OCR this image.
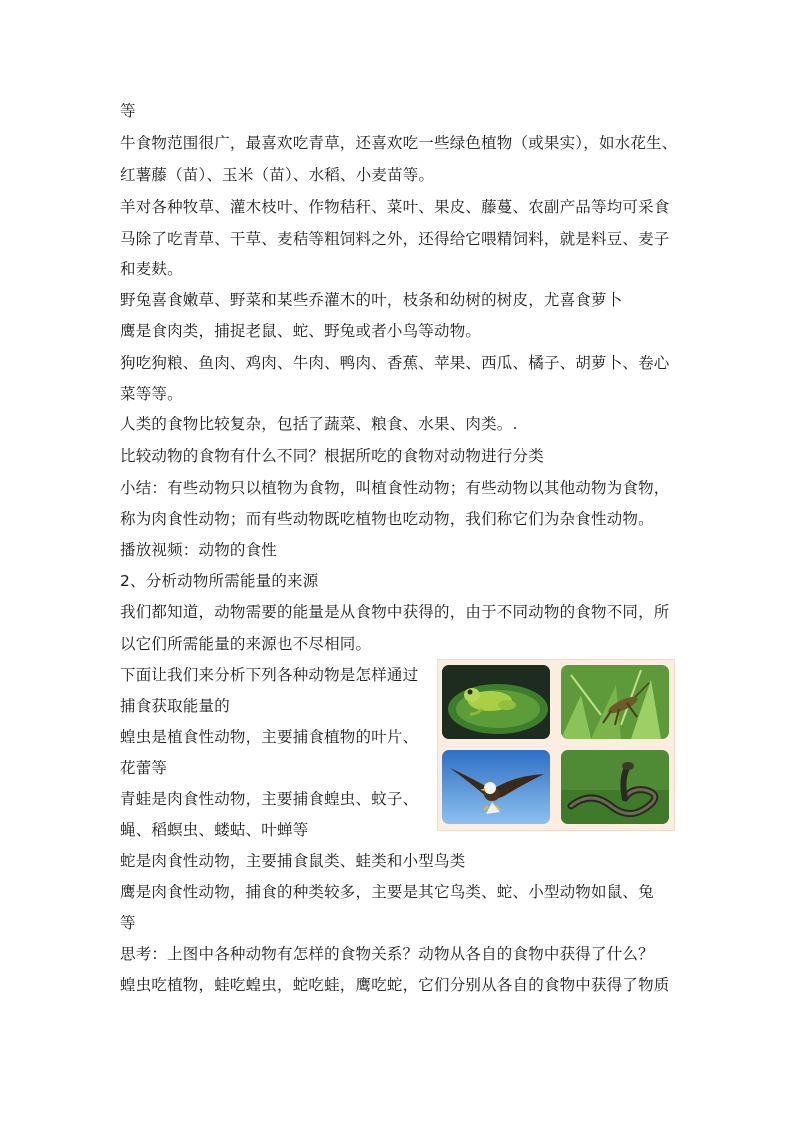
等
牛食物范围很广，最喜欢吃青草，还喜欢吃一些绿色植物（或果实），如水花生、
红薯藤（苗）、玉米（苗）、水稻、小麦苗等。
羊对各种牧草、灌木枝叶、作物秸秆、菜叶、果皮、藤蔓、农副产品等均可采食
马除了吃青草、干草、麦秸等粗饲料之外，还得给它喂精饲料，就是料豆、麦子
和麦麸。
野兔喜食嫩草、野菜和某些乔灌木的叶，枝条和幼树的树皮，尤喜食萝卜
鹰是食肉类，捕捉老鼠、蛇、野兔或者小鸟等动物。
狗吃狗粮、鱼肉、鸡肉、牛肉、鸭肉、香蕉、苹果、西瓜、橘子、胡萝卜、卷心
菜等等。
人类的食物比较复杂，包括了蔬菜、粮食、水果、肉类。.
比较动物的食物有什么不同？根据所吃的食物对动物进行分类
小结：有些动物只以植物为食物，叫植食性动物；有些动物以其他动物为食物，
称为肉食性动物；而有些动物既吃植物也吃动物，我们称它们为杂食性动物。
播放视频：动物的食性
2、分析动物所需能量的来源
我们都知道，动物需要的能量是从食物中获得的，由于不同动物的食物不同，所
以它们所需能量的来源也不尽相同。
下面让我们来分析下列各种动物是怎样通过
捕食获取能量的
蝗虫是植食性动物，主要捕食植物的叶片、
花蕾等
青蛙是肉食性动物，主要捕食蝗虫、蚊子、
蝇、稻螟虫、蝼蛄、叶蝉等
蛇是肉食性动物，主要捕食鼠类、蛙类和小型鸟类
鹰是肉食性动物，捕食的种类较多，主要是其它鸟类、蛇、小型动物如鼠、兔
等
思考：上图中各种动物有怎样的食物关系？动物从各自的食物中获得了什么？
蝗虫吃植物，蛙吃蝗虫，蛇吃蛙，鹰吃蛇，它们分别从各自的食物中获得了物质
